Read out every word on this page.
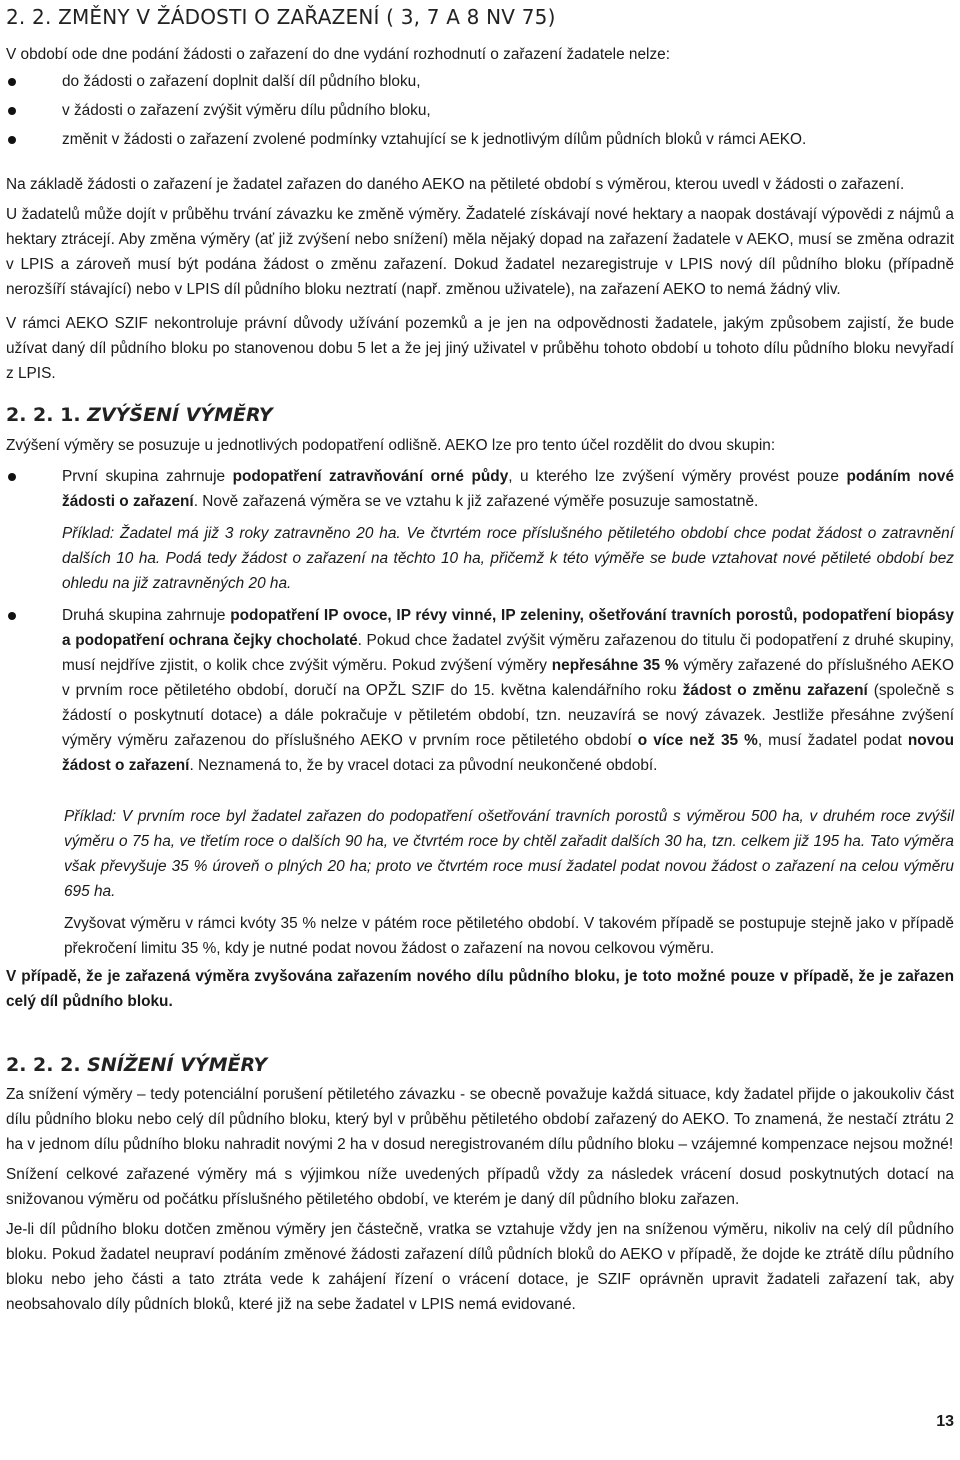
2. 2. ZMĚNY V ŽÁDOSTI O ZAŘAZENÍ ( 3, 7 A 8 NV 75)

V období ode dne podání žádosti o zařazení do dne vydání rozhodnutí o zařazení žadatele nelze:

do žádosti o zařazení doplnit další díl půdního bloku,
v žádosti o zařazení zvýšit výměru dílu půdního bloku,
změnit v žádosti o zařazení zvolené podmínky vztahující se k jednotlivým dílům půdních bloků v rámci AEKO.

Na základě žádosti o zařazení je žadatel zařazen do daného AEKO na pětileté období s výměrou, kterou uvedl v žádosti o zařazení.

U žadatelů může dojít v průběhu trvání závazku ke změně výměry. Žadatelé získávají nové hektary a naopak dostávají výpovědi z nájmů a hektary ztrácejí. Aby změna výměry (ať již zvýšení nebo snížení) měla nějaký dopad na zařazení žadatele v AEKO, musí se změna odrazit v LPIS a zároveň musí být podána žádost o změnu zařazení. Dokud žadatel nezaregistruje v LPIS nový díl půdního bloku (případně nerozšíří stávající) nebo v LPIS díl půdního bloku neztratí (např. změnou uživatele), na zařazení AEKO to nemá žádný vliv.

V rámci AEKO SZIF nekontroluje právní důvody užívání pozemků a je jen na odpovědnosti žadatele, jakým způsobem zajistí, že bude užívat daný díl půdního bloku po stanovenou dobu 5 let a že jej jiný uživatel v průběhu tohoto období u tohoto dílu půdního bloku nevyřadí z LPIS.

2. 2. 1. ZVÝŠENÍ VÝMĚRY

Zvýšení výměry se posuzuje u jednotlivých podopatření odlišně. AEKO lze pro tento účel rozdělit do dvou skupin:

První skupina zahrnuje podopatření zatravňování orné půdy, u kterého lze zvýšení výměry provést pouze podáním nové žádosti o zařazení. Nově zařazená výměra se ve vztahu k již zařazené výměře posuzuje samostatně.

Příklad: Žadatel má již 3 roky zatravněno 20 ha. Ve čtvrtém roce příslušného pětiletého období chce podat žádost o zatravnění dalších 10 ha. Podá tedy žádost o zařazení na těchto 10 ha, přičemž k této výměře se bude vztahovat nové pětileté období bez ohledu na již zatravněných 20 ha.

Druhá skupina zahrnuje podopatření IP ovoce, IP révy vinné, IP zeleniny, ošetřování travních porostů, podopatření biopásy a podopatření ochrana čejky chocholaté. Pokud chce žadatel zvýšit výměru zařazenou do titulu či podopatření z druhé skupiny, musí nejdříve zjistit, o kolik chce zvýšit výměru. Pokud zvýšení výměry nepřesáhne 35 % výměry zařazené do příslušného AEKO v prvním roce pětiletého období, doručí na OPŽL SZIF do 15. května kalendářního roku žádost o změnu zařazení (společně s žádostí o poskytnutí dotace) a dále pokračuje v pětiletém období, tzn. neuzavírá se nový závazek. Jestliže přesáhne zvýšení výměry výměru zařazenou do příslušného AEKO v prvním roce pětiletého období o více než 35 %, musí žadatel podat novou žádost o zařazení. Neznamená to, že by vracel dotaci za původní neukončené období.

Příklad: V prvním roce byl žadatel zařazen do podopatření ošetřování travních porostů s výměrou 500 ha, v druhém roce zvýšil výměru o 75 ha, ve třetím roce o dalších 90 ha, ve čtvrtém roce by chtěl zařadit dalších 30 ha, tzn. celkem již 195 ha. Tato výměra však převyšuje 35 % úroveň o plných 20 ha; proto ve čtvrtém roce musí žadatel podat novou žádost o zařazení na celou výměru 695 ha.

Zvyšovat výměru v rámci kvóty 35 % nelze v pátém roce pětiletého období. V takovém případě se postupuje stejně jako v případě překročení limitu 35 %, kdy je nutné podat novou žádost o zařazení na novou celkovou výměru.

V případě, že je zařazená výměra zvyšována zařazením nového dílu půdního bloku, je toto možné pouze v případě, že je zařazen celý díl půdního bloku.

2. 2. 2. SNÍŽENÍ VÝMĚRY

Za snížení výměry – tedy potenciální porušení pětiletého závazku - se obecně považuje každá situace, kdy žadatel přijde o jakoukoliv část dílu půdního bloku nebo celý díl půdního bloku, který byl v průběhu pětiletého období zařazený do AEKO. To znamená, že nestačí ztrátu 2 ha v jednom dílu půdního bloku nahradit novými 2 ha v dosud neregistrovaném dílu půdního bloku – vzájemné kompenzace nejsou možné!

Snížení celkové zařazené výměry má s výjimkou níže uvedených případů vždy za následek vrácení dosud poskytnutých dotací na snižovanou výměru od počátku příslušného pětiletého období, ve kterém je daný díl půdního bloku zařazen.

Je-li díl půdního bloku dotčen změnou výměry jen částečně, vratka se vztahuje vždy jen na sníženou výměru, nikoliv na celý díl půdního bloku. Pokud žadatel neupraví podáním změnové žádosti zařazení dílů půdních bloků do AEKO v případě, že dojde ke ztrátě dílu půdního bloku nebo jeho části a tato ztráta vede k zahájení řízení o vrácení dotace, je SZIF oprávněn upravit žadateli zařazení tak, aby neobsahovalo díly půdních bloků, které již na sebe žadatel v LPIS nemá evidované.

13
